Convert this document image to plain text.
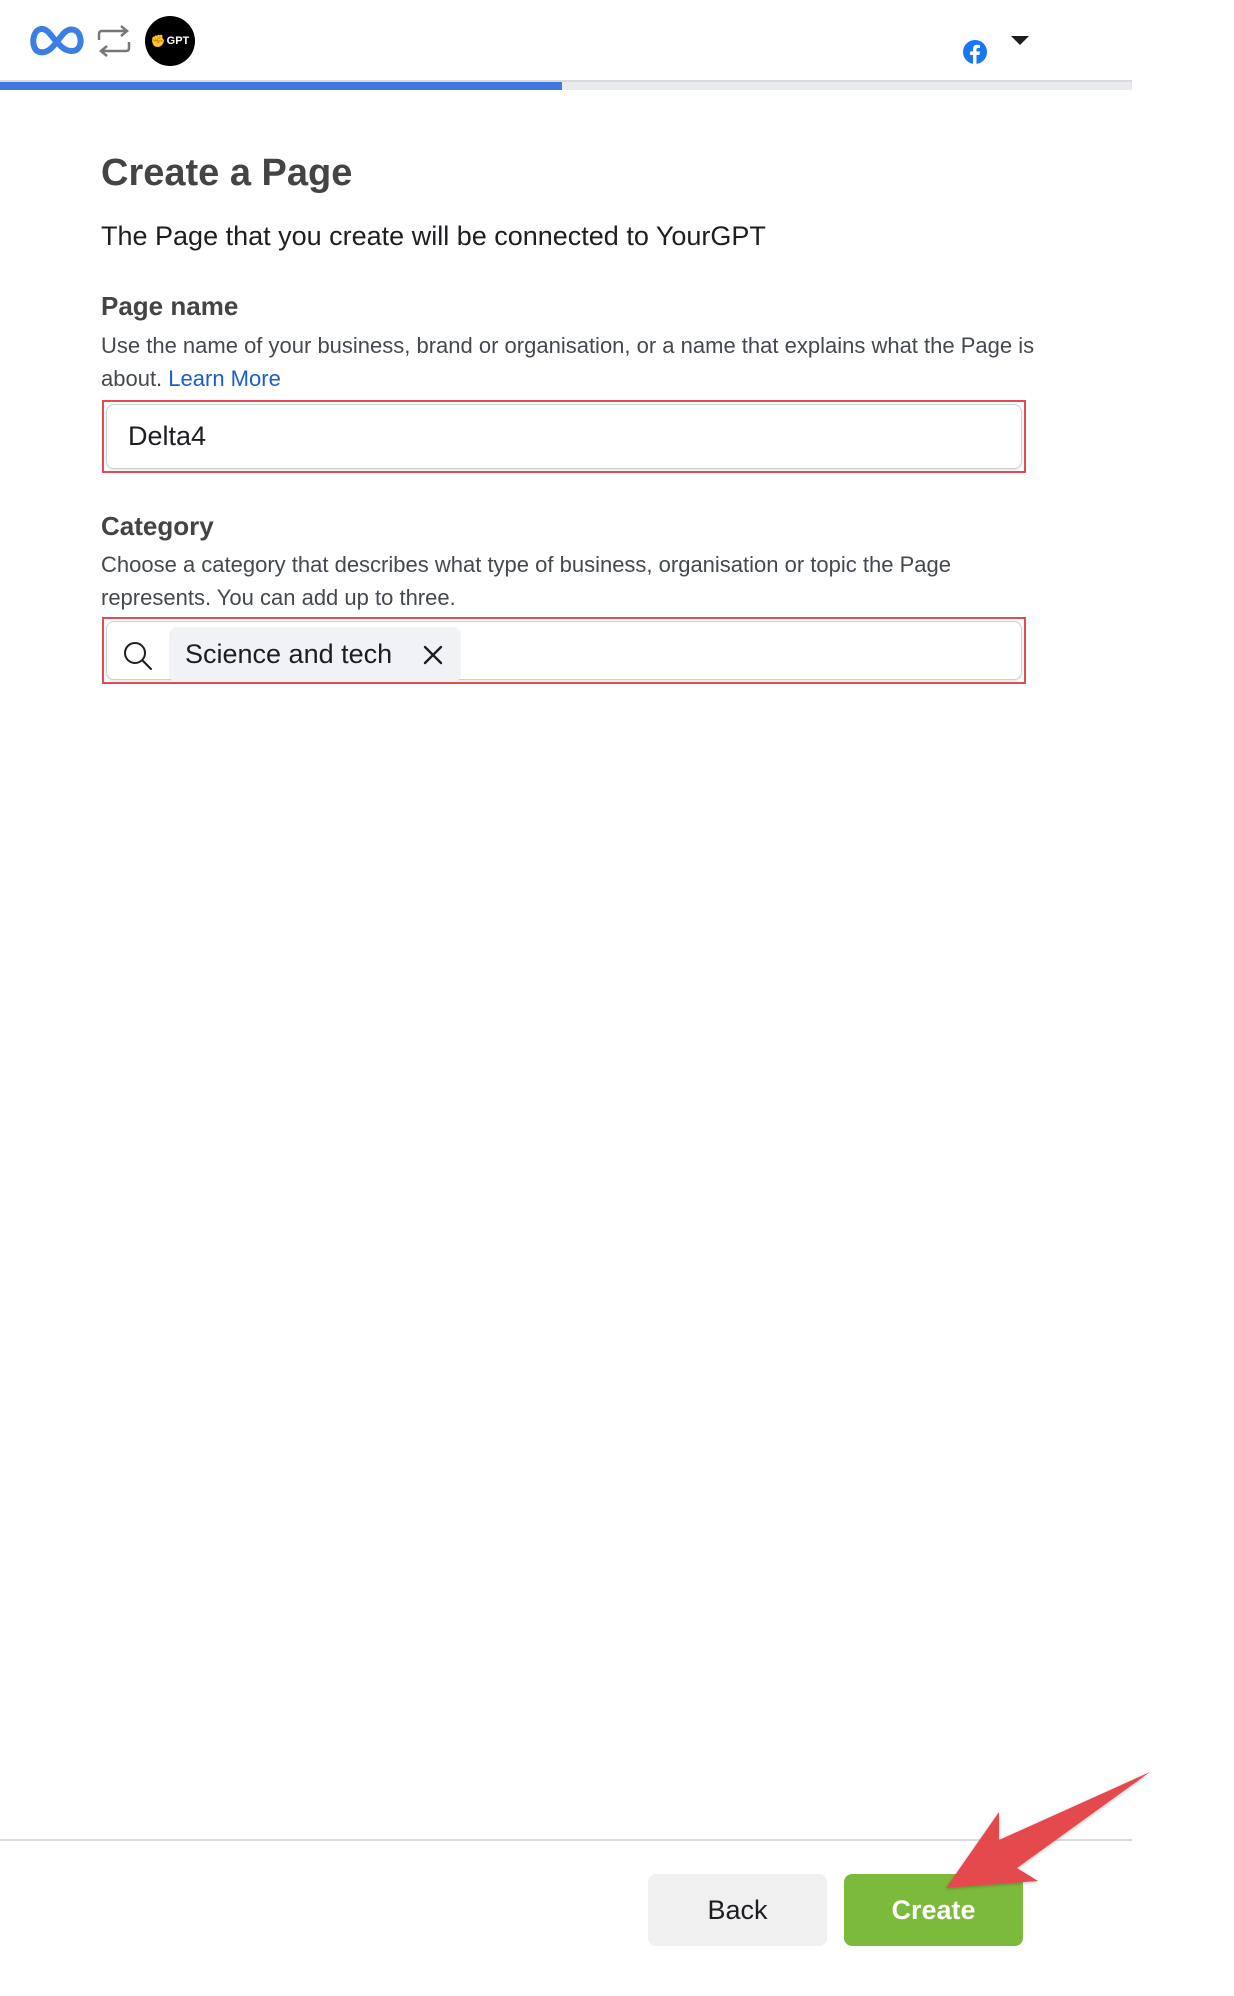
✊ GPT
Create a Page
The Page that you create will be connected to YourGPT
Page name
Use the name of your business, brand or organisation, or a name that explains what the Page is about. Learn More
Delta4
Category
Choose a category that describes what type of business, organisation or topic the Page represents. You can add up to three.
Science and tech
Back	Create
